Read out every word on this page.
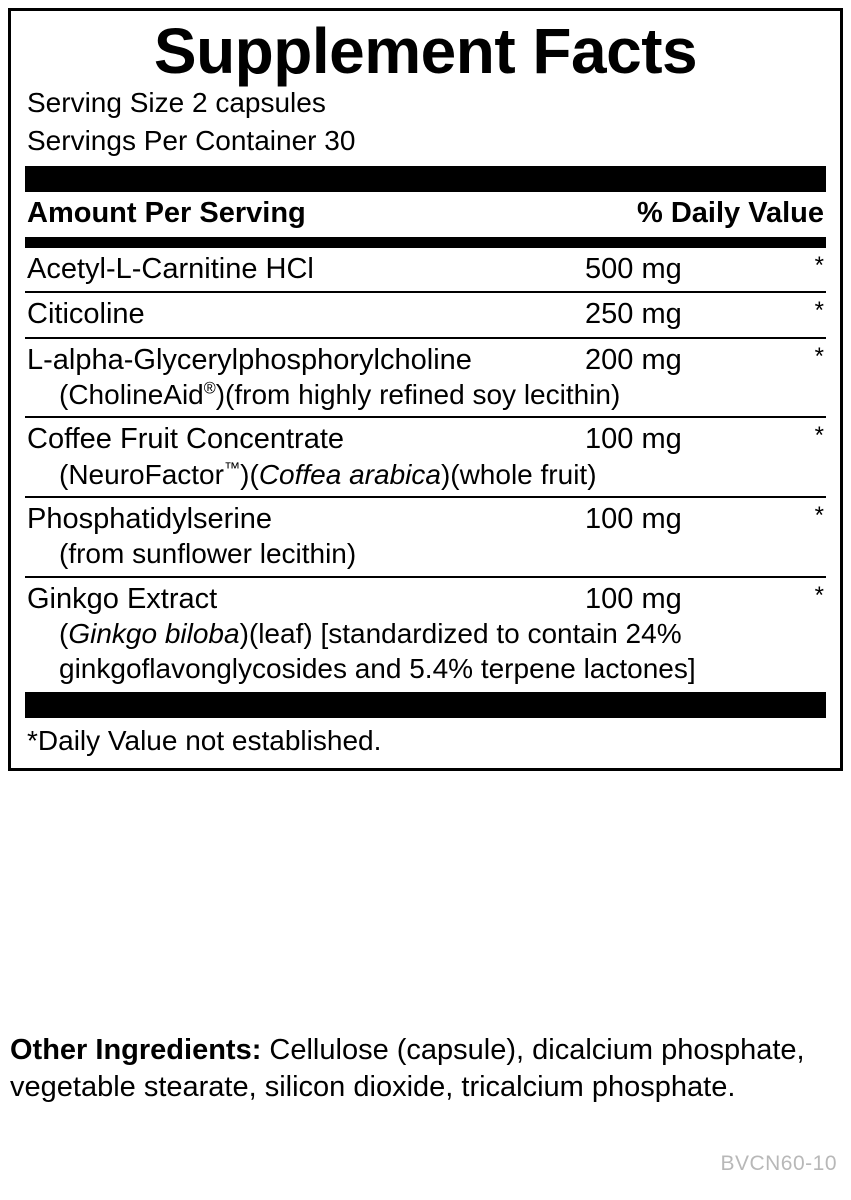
Supplement Facts
Serving Size 2 capsules
Servings Per Container 30
Amount Per Serving	% Daily Value
Acetyl-L-Carnitine HCl	500 mg	*
Citicoline	250 mg	*
L-alpha-Glycerylphosphorylcholine	200 mg	*
(CholineAid®)(from highly refined soy lecithin)
Coffee Fruit Concentrate	100 mg	*
(NeuroFactor™)(Coffea arabica)(whole fruit)
Phosphatidylserine	100 mg	*
(from sunflower lecithin)
Ginkgo Extract	100 mg	*
(Ginkgo biloba)(leaf) [standardized to contain 24%
ginkgoflavonglycosides and 5.4% terpene lactones]
*Daily Value not established.
Other Ingredients: Cellulose (capsule), dicalcium phosphate, vegetable stearate, silicon dioxide, tricalcium phosphate.
BVCN60-10
